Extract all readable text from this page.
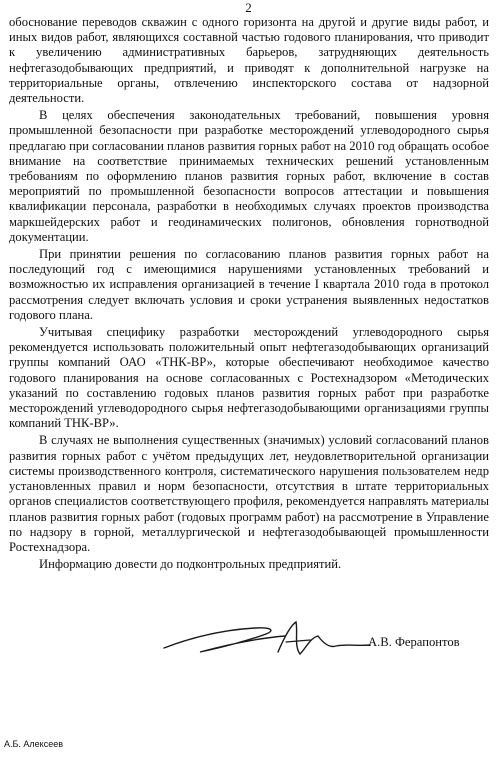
2

обоснование переводов скважин с одного горизонта на другой и другие виды работ, и иных видов работ, являющихся составной частью годового планирования, что приводит к увеличению административных барьеров, затрудняющих деятельность нефтегазодобывающих предприятий, и приводят к дополнительной нагрузке на территориальные органы, отвлечению инспекторского состава от надзорной деятельности.

В целях обеспечения законодательных требований, повышения уровня промышленной безопасности при разработке месторождений углеводородного сырья предлагаю при согласовании планов развития горных работ на 2010 год обращать особое внимание на соответствие принимаемых технических решений установленным требованиям по оформлению планов развития горных работ, включение в состав мероприятий по промышленной безопасности вопросов аттестации и повышения квалификации персонала, разработки в необходимых случаях проектов производства маркшейдерских работ и геодинамических полигонов, обновления горнотводной документации.

При принятии решения по согласованию планов развития горных работ на последующий год с имеющимися нарушениями установленных требований и возможностью их исправления организацией в течение I квартала 2010 года в протокол рассмотрения следует включать условия и сроки устранения выявленных недостатков годового плана.

Учитывая специфику разработки месторождений углеводородного сырья рекомендуется использовать положительный опыт нефтегазодобывающих организаций группы компаний ОАО «ТНК-ВР», которые обеспечивают необходимое качество годового планирования на основе согласованных с Ростехнадзором «Методических указаний по составлению годовых планов развития горных работ при разработке месторождений углеводородного сырья нефтегазодобывающими организациями группы компаний ТНК-ВР».

В случаях не выполнения существенных (значимых) условий согласований планов развития горных работ с учётом предыдущих лет, неудовлетворительной организации системы производственного контроля, систематического нарушения пользователем недр установленных правил и норм безопасности, отсутствия в штате территориальных органов специалистов соответствующего профиля, рекомендуется направлять материалы планов развития горных работ (годовых программ работ) на рассмотрение в Управление по надзору в горной, металлургической и нефтегазодобывающей промышленности Ростехнадзора.

Информацию довести до подконтрольных предприятий.

А.В. Ферапонтов
А.Б. Алексеев
